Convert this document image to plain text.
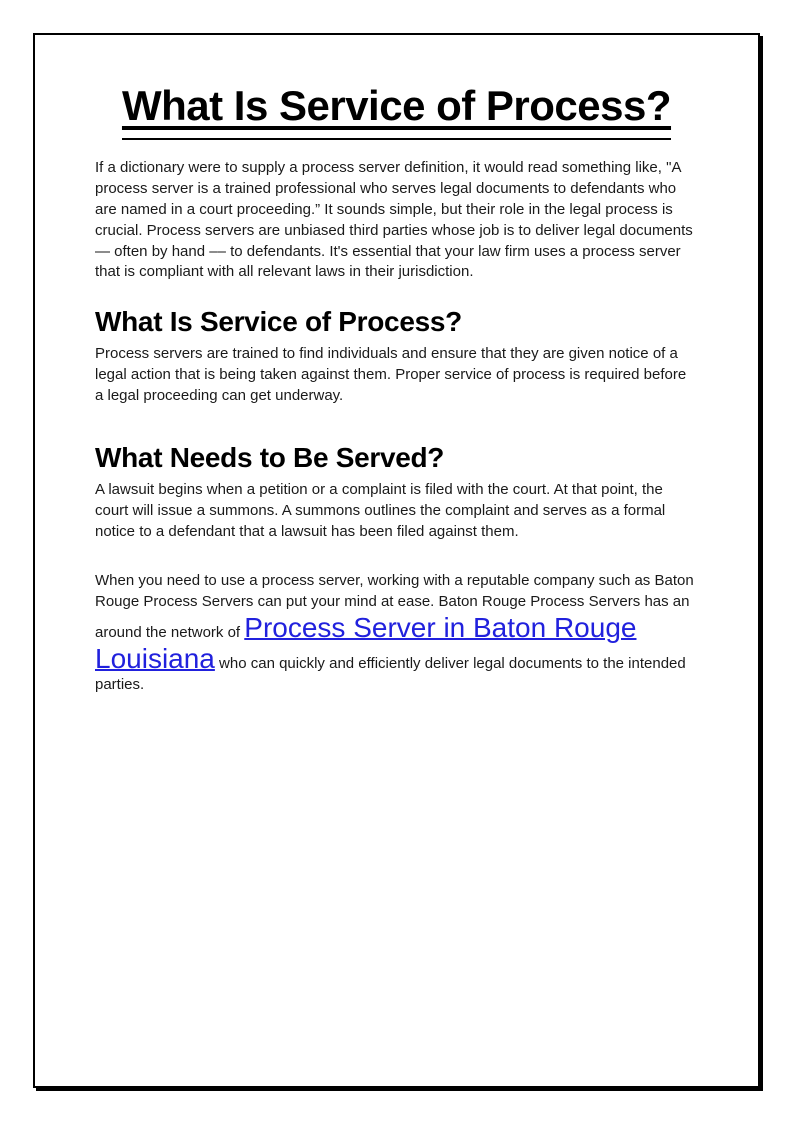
What Is Service of Process?

If a dictionary were to supply a process server definition, it would read something like, "A process server is a trained professional who serves legal documents to defendants who are named in a court proceeding.” It sounds simple, but their role in the legal process is crucial. Process servers are unbiased third parties whose job is to deliver legal documents — often by hand –– to defendants. It's essential that your law firm uses a process server that is compliant with all relevant laws in their jurisdiction.

What Is Service of Process?

Process servers are trained to find individuals and ensure that they are given notice of a legal action that is being taken against them. Proper service of process is required before a legal proceeding can get underway.

What Needs to Be Served?

A lawsuit begins when a petition or a complaint is filed with the court. At that point, the court will issue a summons. A summons outlines the complaint and serves as a formal notice to a defendant that a lawsuit has been filed against them.

When you need to use a process server, working with a reputable company such as Baton Rouge Process Servers can put your mind at ease. Baton Rouge Process Servers has an around the network of Process Server in Baton Rouge Louisiana who can quickly and efficiently deliver legal documents to the intended parties.
